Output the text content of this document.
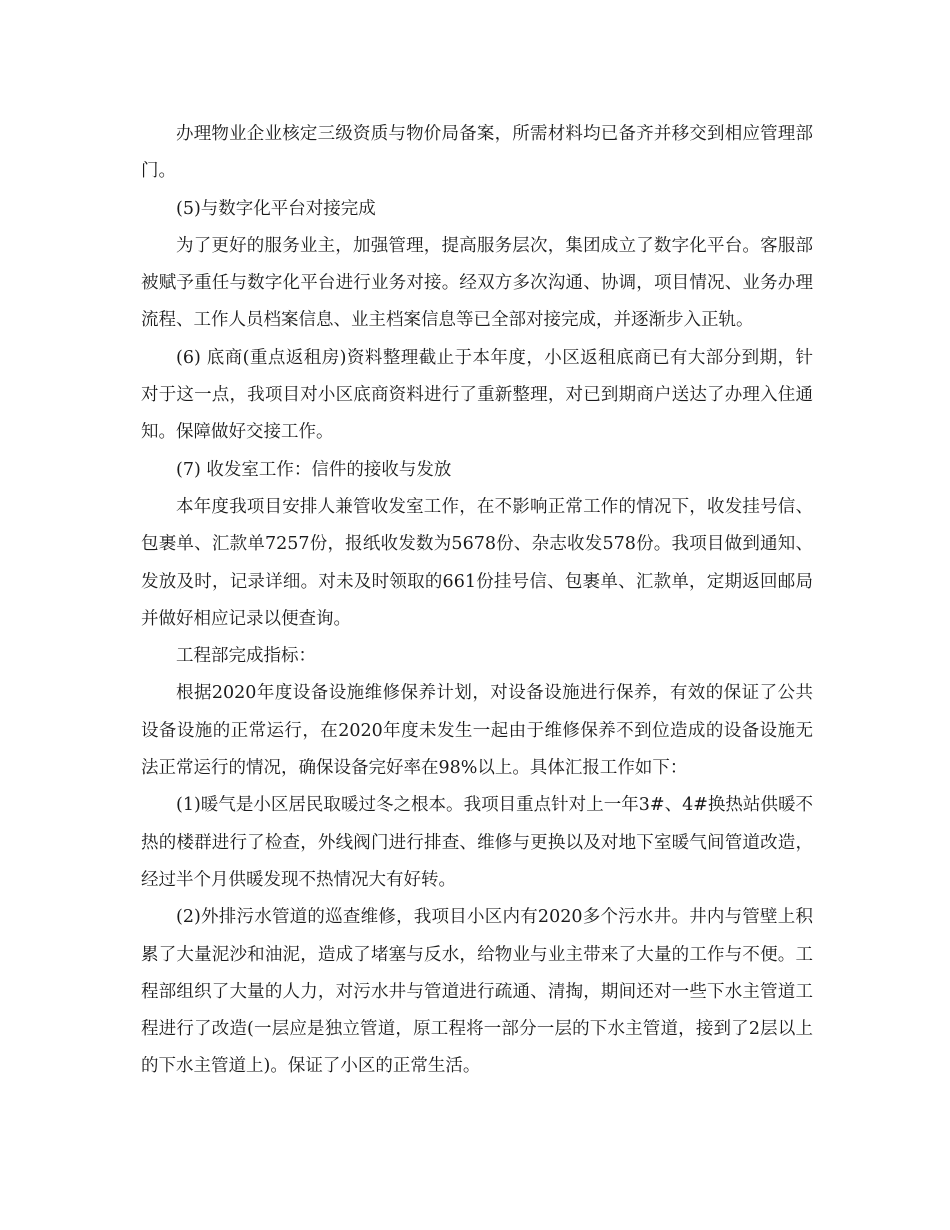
办理物业企业核定三级资质与物价局备案，所需材料均已备齐并移交到相应管理部门。

(5)与数字化平台对接完成

为了更好的服务业主，加强管理，提高服务层次，集团成立了数字化平台。客服部被赋予重任与数字化平台进行业务对接。经双方多次沟通、协调，项目情况、业务办理流程、工作人员档案信息、业主档案信息等已全部对接完成，并逐渐步入正轨。

(6) 底商(重点返租房)资料整理截止于本年度，小区返租底商已有大部分到期，针对于这一点，我项目对小区底商资料进行了重新整理，对已到期商户送达了办理入住通知。保障做好交接工作。

(7) 收发室工作：信件的接收与发放

本年度我项目安排人兼管收发室工作，在不影响正常工作的情况下，收发挂号信、包裹单、汇款单7257份，报纸收发数为5678份、杂志收发578份。我项目做到通知、发放及时，记录详细。对未及时领取的661份挂号信、包裹单、汇款单，定期返回邮局并做好相应记录以便查询。

工程部完成指标：

根据2020年度设备设施维修保养计划，对设备设施进行保养，有效的保证了公共设备设施的正常运行，在2020年度未发生一起由于维修保养不到位造成的设备设施无法正常运行的情况，确保设备完好率在98%以上。具体汇报工作如下：

(1)暖气是小区居民取暖过冬之根本。我项目重点针对上一年3#、4#换热站供暖不热的楼群进行了检查，外线阀门进行排查、维修与更换以及对地下室暖气间管道改造，经过半个月供暖发现不热情况大有好转。

(2)外排污水管道的巡查维修，我项目小区内有2020多个污水井。井内与管壁上积累了大量泥沙和油泥，造成了堵塞与反水，给物业与业主带来了大量的工作与不便。工程部组织了大量的人力，对污水井与管道进行疏通、清掏，期间还对一些下水主管道工程进行了改造(一层应是独立管道，原工程将一部分一层的下水主管道，接到了2层以上的下水主管道上)。保证了小区的正常生活。
